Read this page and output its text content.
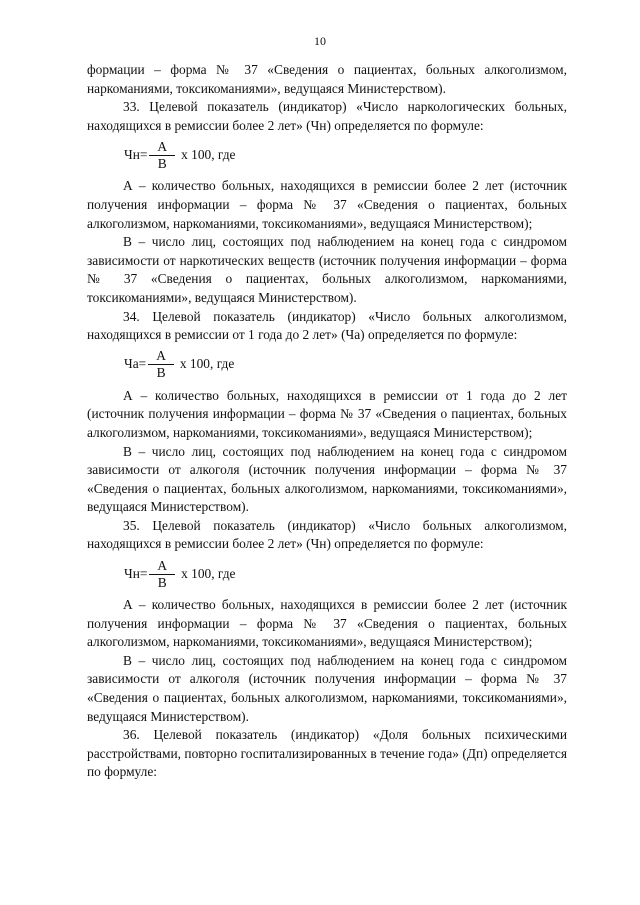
10

формации – форма № 37 «Сведения о пациентах, больных алкоголизмом, наркоманиями, токсикоманиями», ведущаяся Министерством).

33. Целевой показатель (индикатор) «Число наркологических больных, находящихся в ремиссии более 2 лет» (Чн) определяется по формуле:

$Чн= \frac{А}{В}$ х 100, где

А – количество больных, находящихся в ремиссии более 2 лет (источник получения информации – форма № 37 «Сведения о пациентах, больных алкоголизмом, наркоманиями, токсикоманиями», ведущаяся Министерством);

В – число лиц, состоящих под наблюдением на конец года с синдромом зависимости от наркотических веществ (источник получения информации – форма № 37 «Сведения о пациентах, больных алкоголизмом, наркоманиями, токсикоманиями», ведущаяся Министерством).

34. Целевой показатель (индикатор) «Число больных алкоголизмом, находящихся в ремиссии от 1 года до 2 лет» (Ча) определяется по формуле:

$Ча= \frac{А}{В}$ х 100, где

А – количество больных, находящихся в ремиссии от 1 года до 2 лет (источник получения информации – форма № 37 «Сведения о пациентах, больных алкоголизмом, наркоманиями, токсикоманиями», ведущаяся Министерством);

В – число лиц, состоящих под наблюдением на конец года с синдромом зависимости от алкоголя (источник получения информации – форма № 37 «Сведения о пациентах, больных алкоголизмом, наркоманиями, токсикоманиями», ведущаяся Министерством).

35. Целевой показатель (индикатор) «Число больных алкоголизмом, находящихся в ремиссии более 2 лет» (Чн) определяется по формуле:

$Чн= \frac{А}{В}$ х 100, где

А – количество больных, находящихся в ремиссии более 2 лет (источник получения информации – форма № 37 «Сведения о пациентах, больных алкоголизмом, наркоманиями, токсикоманиями», ведущаяся Министерством);

В – число лиц, состоящих под наблюдением на конец года с синдромом зависимости от алкоголя (источник получения информации – форма № 37 «Сведения о пациентах, больных алкоголизмом, наркоманиями, токсикоманиями», ведущаяся Министерством).

36. Целевой показатель (индикатор) «Доля больных психическими расстройствами, повторно госпитализированных в течение года» (Дп) определяется по формуле:
